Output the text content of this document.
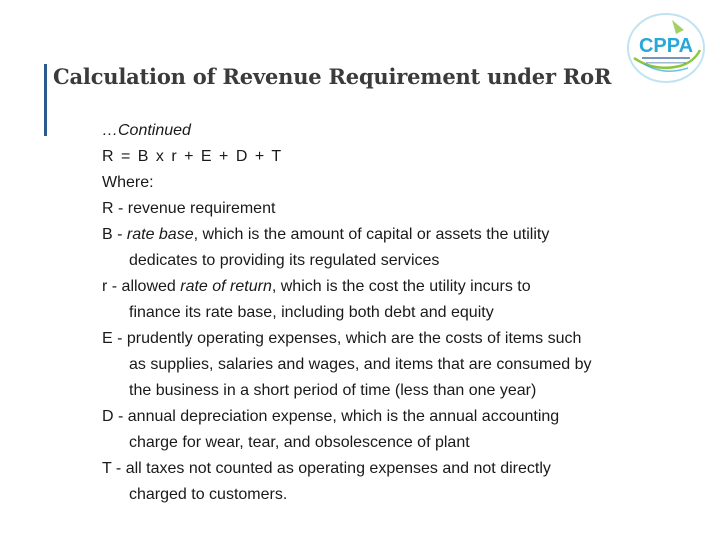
Calculation of Revenue Requirement under RoR
CPPA
…Continued
R = B x r + E + D + T
Where:
R - revenue requirement
B - rate base, which is the amount of capital or assets the utility
dedicates to providing its regulated services
r - allowed rate of return, which is the cost the utility incurs to
finance its rate base, including both debt and equity
E - prudently operating expenses, which are the costs of items such
as supplies, salaries and wages, and items that are consumed by
the business in a short period of time (less than one year)
D - annual depreciation expense, which is the annual accounting
charge for wear, tear, and obsolescence of plant
T - all taxes not counted as operating expenses and not directly
charged to customers.
